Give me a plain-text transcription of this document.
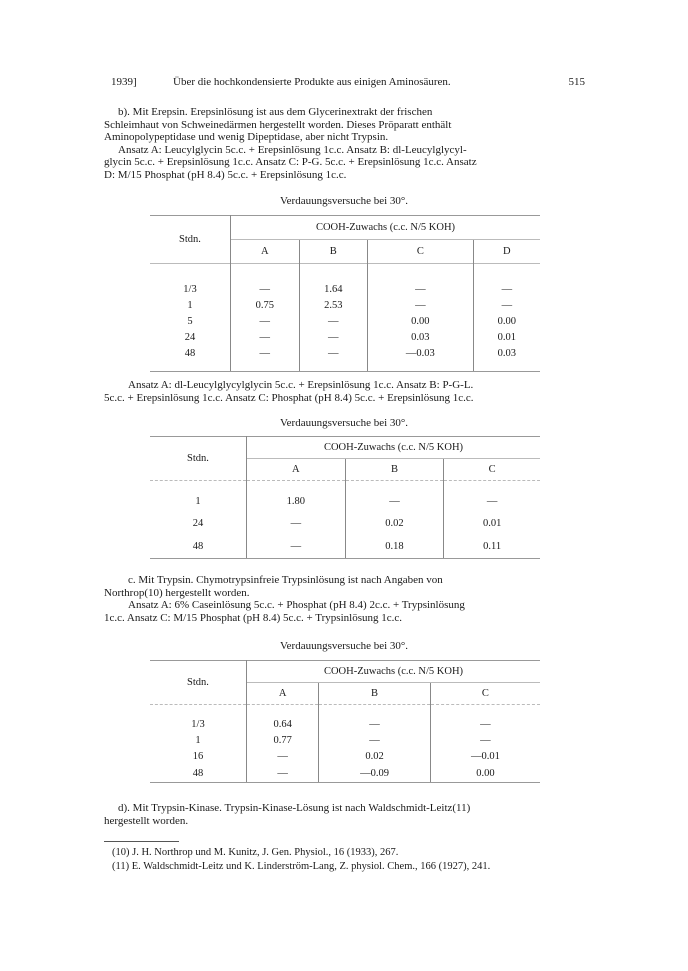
1939]	Über die hochkondensierte Produkte aus einigen Aminosäuren.	515

b). Mit Erepsin. Erepsinlösung ist aus dem Glycerinextrakt der frischen

Schleimhaut von Schweinedärmen hergestellt worden. Dieses Pröparatt enthält

Aminopolypeptidase und wenig Dipeptidase, aber nicht Trypsin.

Ansatz A: Leucylglycin 5c.c. + Erepsinlösung 1c.c. Ansatz B: dl-Leucylglycyl-

glycin 5c.c. + Erepsinlösung 1c.c. Ansatz C: P-G. 5c.c. + Erepsinlösung 1c.c. Ansatz

D: M/15 Phosphat (pH 8.4) 5c.c. + Erepsinlösung 1c.c.

Verdauungsversuche bei 30°.
Stdn.	COOH-Zuwachs (c.c. N/5 KOH)			
	A	B	C	D

1/3	—	1.64	—	—
1	0.75	2.53	—	—
5	—	—	0.00	0.00
24	—	—	0.03	0.01
48	—	—	—0.03	0.03

Ansatz A: dl-Leucylglycylglycin 5c.c. + Erepsinlösung 1c.c. Ansatz B: P-G-L.

5c.c. + Erepsinlösung 1c.c. Ansatz C: Phosphat (pH 8.4) 5c.c. + Erepsinlösung 1c.c.

Verdauungsversuche bei 30°.
Stdn.	COOH-Zuwachs (c.c. N/5 KOH)		
	A	B	C

1	1.80	—	—
24	—	0.02	0.01
48	—	0.18	0.11

c. Mit Trypsin. Chymotrypsinfreie Trypsinlösung ist nach Angaben von

Northrop(10) hergestellt worden.

Ansatz A: 6% Caseinlösung 5c.c. + Phosphat (pH 8.4) 2c.c. + Trypsinlösung

1c.c. Ansatz C: M/15 Phosphat (pH 8.4) 5c.c. + Trypsinlösung 1c.c.

Verdauungsversuche bei 30°.
Stdn.	COOH-Zuwachs (c.c. N/5 KOH)		
	A	B	C

1/3	0.64	—	—
1	0.77	—	—
16	—	0.02	—0.01
48	—	—0.09	0.00

d). Mit Trypsin-Kinase. Trypsin-Kinase-Lösung ist nach Waldschmidt-Leitz(11)

hergestellt worden.

(10) J. H. Northrop und M. Kunitz, J. Gen. Physiol., 16 (1933), 267.

(11) E. Waldschmidt-Leitz und K. Linderström-Lang, Z. physiol. Chem., 166 (1927), 241.
